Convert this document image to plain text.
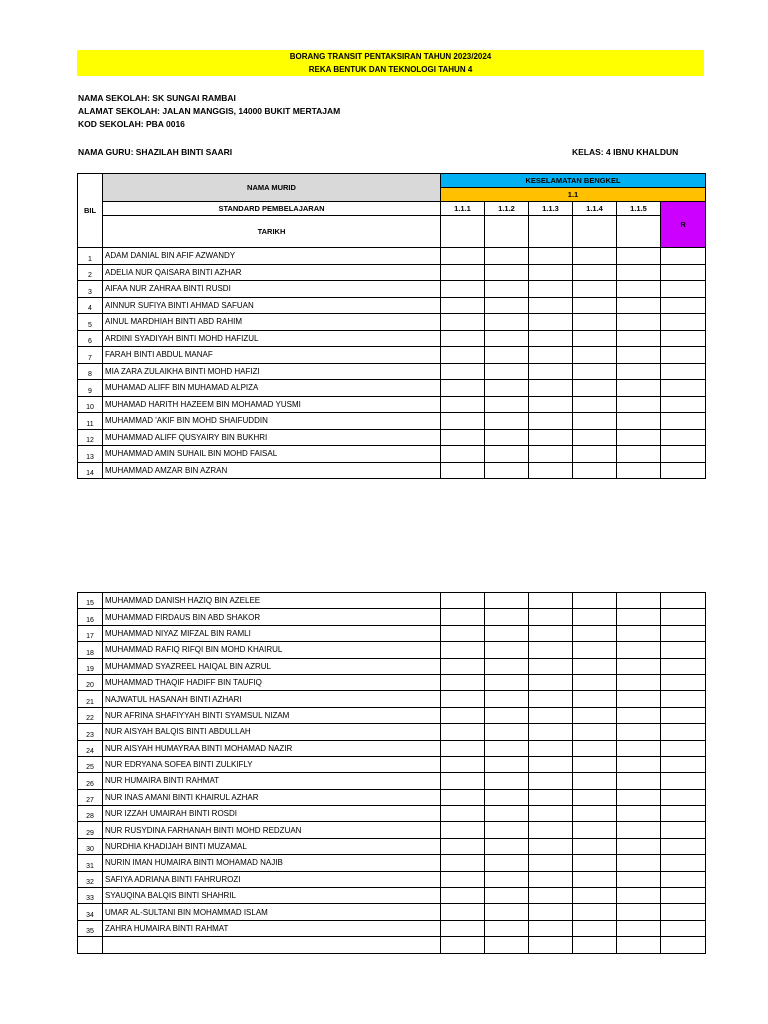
BORANG TRANSIT PENTAKSIRAN TAHUN 2023/2024
REKA BENTUK DAN TEKNOLOGI TAHUN 4
NAMA SEKOLAH: SK SUNGAI RAMBAI
ALAMAT SEKOLAH: JALAN MANGGIS, 14000 BUKIT MERTAJAM
KOD SEKOLAH: PBA 0016
NAMA GURU: SHAZILAH BINTI SAARI	KELAS: 4 IBNU KHALDUN
BIL	NAMA MURID	KESELAMATAN BENGKEL					
		1.1					
	STANDARD PEMBELAJARAN	1.1.1	1.1.2	1.1.3	1.1.4	1.1.5	R
	TARIKH						
1	ADAM DANIAL BIN AFIF AZWANDY						
2	ADELIA NUR QAISARA BINTI AZHAR						
3	AIFAA NUR ZAHRAA BINTI RUSDI						
4	AINNUR SUFIYA BINTI AHMAD SAFUAN						
5	AINUL MARDHIAH BINTI ABD RAHIM						
6	ARDINI SYADIYAH BINTI MOHD HAFIZUL						
7	FARAH BINTI ABDUL MANAF						
8	MIA ZARA ZULAIKHA BINTI MOHD HAFIZI						
9	MUHAMAD ALIFF BIN MUHAMAD ALPIZA						
10	MUHAMAD HARITH HAZEEM BIN MOHAMAD YUSMI						
11	MUHAMMAD 'AKIF BIN MOHD SHAIFUDDIN						
12	MUHAMMAD ALIFF QUSYAIRY BIN BUKHRI						
13	MUHAMMAD AMIN SUHAIL BIN MOHD FAISAL						
14	MUHAMMAD AMZAR BIN AZRAN						
15	MUHAMMAD DANISH HAZIQ BIN AZELEE						
16	MUHAMMAD FIRDAUS BIN ABD SHAKOR						
17	MUHAMMAD NIYAZ MIFZAL BIN RAMLI						
18	MUHAMMAD RAFIQ RIFQI BIN MOHD KHAIRUL						
19	MUHAMMAD SYAZREEL HAIQAL BIN AZRUL						
20	MUHAMMAD THAQIF HADIFF BIN TAUFIQ						
21	NAJWATUL HASANAH BINTI AZHARI						
22	NUR AFRINA SHAFIYYAH BINTI SYAMSUL NIZAM						
23	NUR AISYAH BALQIS BINTI ABDULLAH						
24	NUR AISYAH HUMAYRAA BINTI MOHAMAD NAZIR						
25	NUR EDRYANA SOFEA BINTI ZULKIFLY						
26	NUR HUMAIRA BINTI RAHMAT						
27	NUR INAS AMANI BINTI KHAIRUL AZHAR						
28	NUR IZZAH UMAIRAH BINTI ROSDI						
29	NUR RUSYDINA FARHANAH BINTI MOHD REDZUAN						
30	NURDHIA KHADIJAH BINTI MUZAMAL						
31	NURIN IMAN HUMAIRA BINTI MOHAMAD NAJIB						
32	SAFIYA ADRIANA BINTI FAHRUROZI						
33	SYAUQINA BALQIS BINTI SHAHRIL						
34	UMAR AL-SULTANI BIN MOHAMMAD ISLAM						
35	ZAHRA HUMAIRA BINTI RAHMAT						
